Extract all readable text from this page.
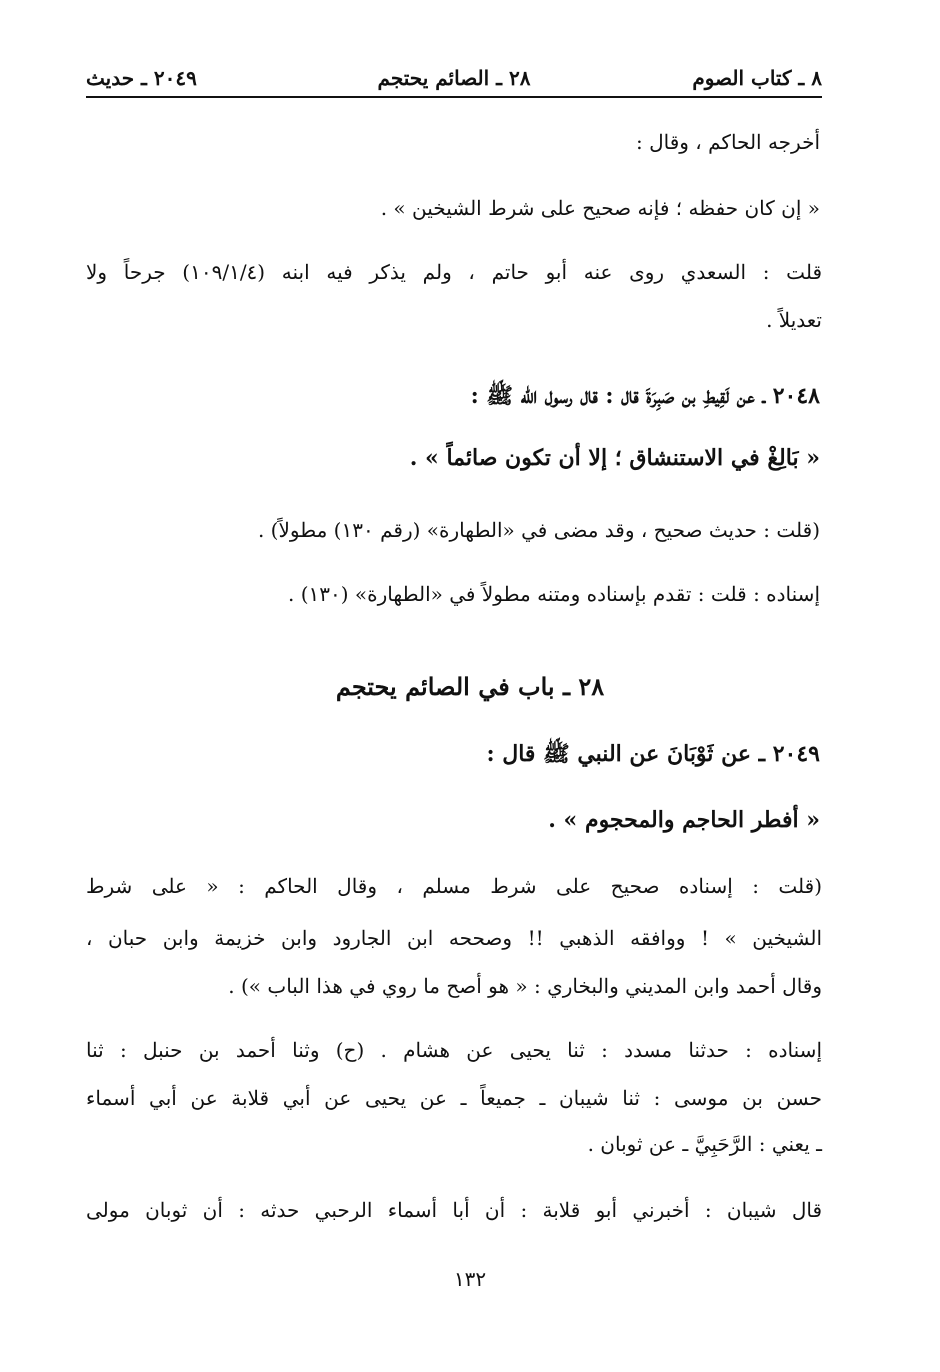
٨ ـ كتاب الصوم
٢٨ ـ الصائم يحتجم
٢٠٤٩ ـ حديث
أخرجه الحاكم ، وقال :
« إن كان حفظه ؛ فإنه صحيح على شرط الشيخين » .
قلت : السعدي روى عنه أبو حاتم ، ولم يذكر فيه ابنه (١٠٩/١/٤) جرحاً ولا
تعديلاً .
٢٠٤٨ ـ عن لَقِيطِ بن صَبِرَةَ قال : قال رسول الله ﷺ :
« بَالِغْ في الاستنشاق ؛ إلا أن تكون صائماً » .
(قلت : حديث صحيح ، وقد مضى في «الطهارة» (رقم ١٣٠) مطولاً) .
إسناده : قلت : تقدم بإسناده ومتنه مطولاً في «الطهارة» (١٣٠) .
٢٨ ـ باب في الصائم يحتجم
٢٠٤٩ ـ عن ثَوْبَانَ عن النبي ﷺ قال :
« أفطر الحاجم والمحجوم » .
(قلت : إسناده صحيح على شرط مسلم ، وقال الحاكم : « على شرط
الشيخين » ! ووافقه الذهبي !! وصححه ابن الجارود وابن خزيمة وابن حبان ،
وقال أحمد وابن المديني والبخاري : « هو أصح ما روي في هذا الباب ») .
إسناده : حدثنا مسدد : ثنا يحيى عن هشام . (ح) وثنا أحمد بن حنبل : ثنا
حسن بن موسى : ثنا شيبان ـ جميعاً ـ عن يحيى عن أبي قلابة عن أبي أسماء
ـ يعني : الرَّحَبِيَّ ـ عن ثوبان .
قال شيبان : أخبرني أبو قلابة : أن أبا أسماء الرحبي حدثه : أن ثوبان مولى
١٣٢
